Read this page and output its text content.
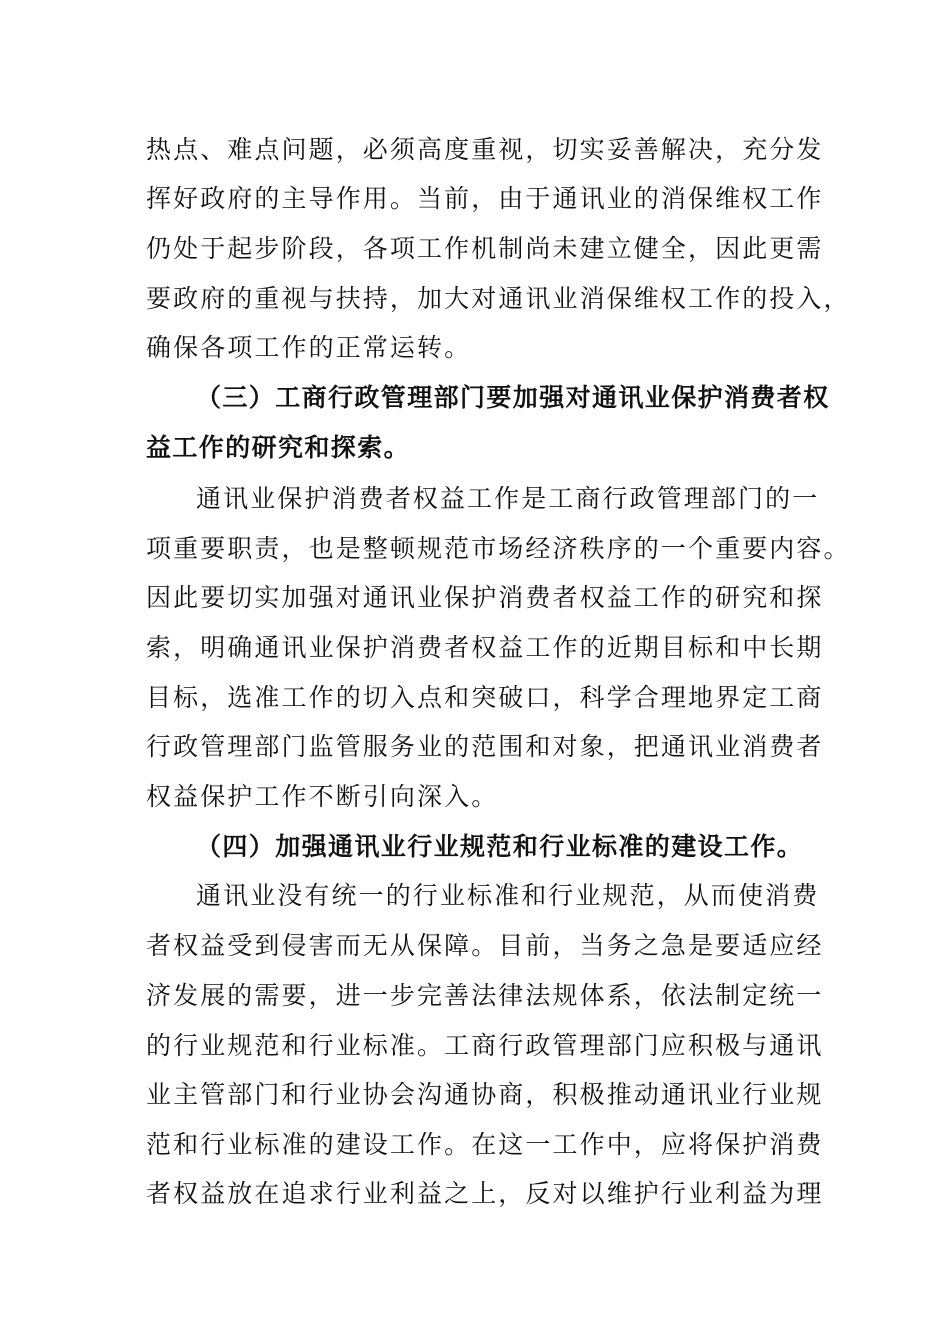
热点、难点问题，必须高度重视，切实妥善解决，充分发
挥好政府的主导作用。当前，由于通讯业的消保维权工作
仍处于起步阶段，各项工作机制尚未建立健全，因此更需
要政府的重视与扶持，加大对通讯业消保维权工作的投入，
确保各项工作的正常运转。
（三）工商行政管理部门要加强对通讯业保护消费者权
益工作的研究和探索。
通讯业保护消费者权益工作是工商行政管理部门的一
项重要职责，也是整顿规范市场经济秩序的一个重要内容。
因此要切实加强对通讯业保护消费者权益工作的研究和探
索，明确通讯业保护消费者权益工作的近期目标和中长期
目标，选准工作的切入点和突破口，科学合理地界定工商
行政管理部门监管服务业的范围和对象，把通讯业消费者
权益保护工作不断引向深入。
（四）加强通讯业行业规范和行业标准的建设工作。
通讯业没有统一的行业标准和行业规范，从而使消费
者权益受到侵害而无从保障。目前，当务之急是要适应经
济发展的需要，进一步完善法律法规体系，依法制定统一
的行业规范和行业标准。工商行政管理部门应积极与通讯
业主管部门和行业协会沟通协商，积极推动通讯业行业规
范和行业标准的建设工作。在这一工作中，应将保护消费
者权益放在追求行业利益之上，反对以维护行业利益为理
